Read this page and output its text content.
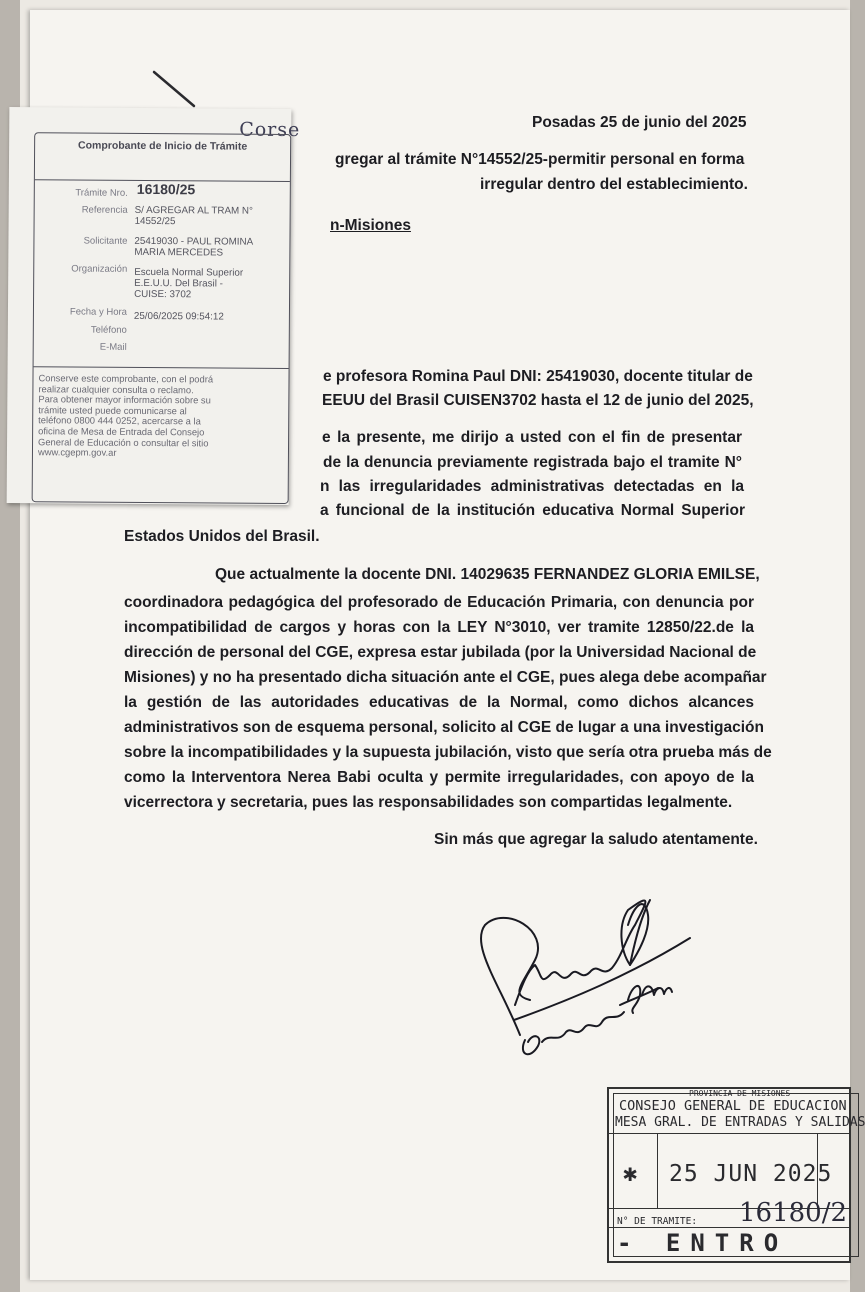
Posadas 25 de junio del 2025
gregar al trámite N°14552/25-permitir personal en forma
irregular dentro del establecimiento.
n-Misiones
e profesora Romina Paul DNI: 25419030, docente titular de
EEUU del Brasil CUISEN3702 hasta el 12 de junio del 2025,
e la presente, me dirijo a usted con el fin de presentar
de la denuncia previamente registrada bajo el tramite N°
n las irregularidades administrativas detectadas en la
a funcional de la institución educativa Normal Superior
Estados Unidos del Brasil.
Que actualmente la docente DNI. 14029635 FERNANDEZ GLORIA EMILSE,
coordinadora pedagógica del profesorado de Educación Primaria, con denuncia por
incompatibilidad de cargos y horas con la LEY N°3010, ver tramite 12850/22.de la
dirección de personal del CGE, expresa estar jubilada (por la Universidad Nacional de
Misiones) y no ha presentado dicha situación ante el CGE, pues alega debe acompañar
la gestión de las autoridades educativas de la Normal, como dichos alcances
administrativos son de esquema personal, solicito al CGE de lugar a una investigación
sobre la incompatibilidades y la supuesta jubilación, visto que sería otra prueba más de
como la Interventora Nerea Babi oculta y permite irregularidades, con apoyo de la
vicerrectora y secretaria, pues las responsabilidades son compartidas legalmente.
Sin más que agregar la saludo atentamente.
Romina Paul
Corse
Comprobante de Inicio de Trámite
Trámite Nro. 16180/25
Referencia S/ AGREGAR AL TRAM N°
14552/25
Solicitante 25419030 - PAUL ROMINA
MARIA MERCEDES
Organización Escuela Normal Superior
E.E.U.U. Del Brasil -
CUISE: 3702
Fecha y Hora 25/06/2025 09:54:12
Teléfono
E-Mail
Conserve este comprobante, con el podrá
realizar cualquier consulta o reclamo.
Para obtener mayor información sobre su
trámite usted puede comunicarse al
teléfono 0800 444 0252, acercarse a la
oficina de Mesa de Entrada del Consejo
General de Educación o consultar el sitio
www.cgepm.gov.ar
PROVINCIA DE MISIONES
CONSEJO GENERAL DE EDUCACION
MESA GRAL. DE ENTRADAS Y SALIDAS
✱ 25 JUN 2025
N° DE TRAMITE: 16180/2
- ENTRO
